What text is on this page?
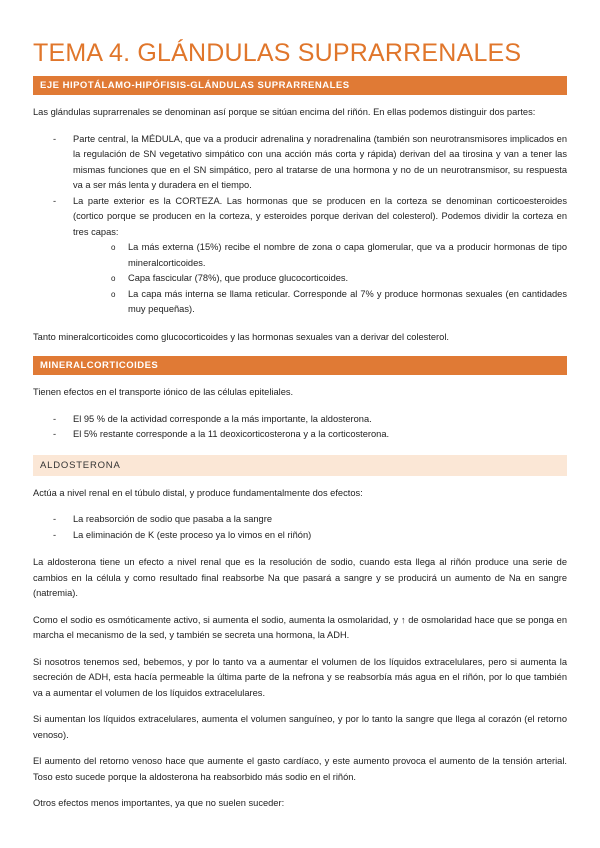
TEMA 4. GLÁNDULAS SUPRARRENALES
EJE HIPOTÁLAMO-HIPÓFISIS-GLÁNDULAS SUPRARRENALES

Las glándulas suprarrenales se denominan así porque se sitúan encima del riñón. En ellas podemos distinguir dos partes:

- Parte central, la MÉDULA, que va a producir adrenalina y noradrenalina (también son neurotransmisores implicados en la regulación de SN vegetativo simpático con una acción más corta y rápida) derivan del aa tirosina y van a tener las mismas funciones que en el SN simpático, pero al tratarse de una hormona y no de un neurotransmisor, su respuesta va a ser más lenta y duradera en el tiempo.
- La parte exterior es la CORTEZA. Las hormonas que se producen en la corteza se denominan corticoesteroides (cortico porque se producen en la corteza, y esteroides porque derivan del colesterol). Podemos dividir la corteza en tres capas:
o La más externa (15%) recibe el nombre de zona o capa glomerular, que va a producir hormonas de tipo mineralcorticoides.
o Capa fascicular (78%), que produce glucocorticoides.
o La capa más interna se llama reticular. Corresponde al 7% y produce hormonas sexuales (en cantidades muy pequeñas).

Tanto mineralcorticoides como glucocorticoides y las hormonas sexuales van a derivar del colesterol.

MINERALCORTICOIDES

Tienen efectos en el transporte iónico de las células epiteliales.

- El 95 % de la actividad corresponde a la más importante, la aldosterona.
- El 5% restante corresponde a la 11 deoxicorticosterona y a la corticosterona.
ALDOSTERONA

Actúa a nivel renal en el túbulo distal, y produce fundamentalmente dos efectos:

- La reabsorción de sodio que pasaba a la sangre
- La eliminación de K (este proceso ya lo vimos en el riñón)

La aldosterona tiene un efecto a nivel renal que es la resolución de sodio, cuando esta llega al riñón produce una serie de cambios en la célula y como resultado final reabsorbe Na que pasará a sangre y se producirá un aumento de Na en sangre (natremia).

Como el sodio es osmóticamente activo, si aumenta el sodio, aumenta la osmolaridad, y ↑ de osmolaridad hace que se ponga en marcha el mecanismo de la sed, y también se secreta una hormona, la ADH.

Si nosotros tenemos sed, bebemos, y por lo tanto va a aumentar el volumen de los líquidos extracelulares, pero si aumenta la secreción de ADH, esta hacía permeable la última parte de la nefrona y se reabsorbía más agua en el riñón, por lo que también va a aumentar el volumen de los líquidos extracelulares.

Si aumentan los líquidos extracelulares, aumenta el volumen sanguíneo, y por lo tanto la sangre que llega al corazón (el retorno venoso).

El aumento del retorno venoso hace que aumente el gasto cardíaco, y este aumento provoca el aumento de la tensión arterial. Toso esto sucede porque la aldosterona ha reabsorbido más sodio en el riñón.

Otros efectos menos importantes, ya que no suelen suceder:
